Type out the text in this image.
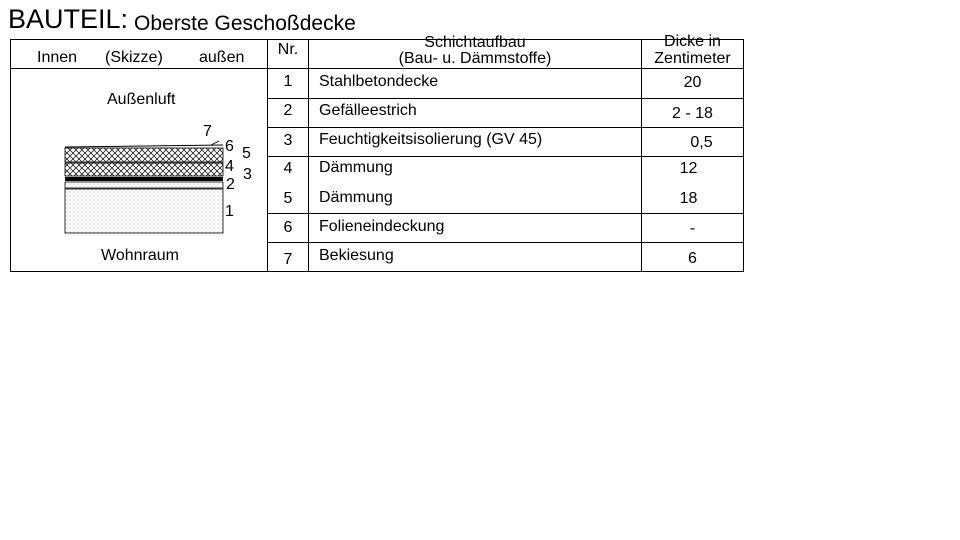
BAUTEIL: Oberste Geschoßdecke
Innen (Skizze) außen	Nr.	Schichtaufbau
(Bau- u. Dämmstoffe)
Dicke in
Zentimeter
Außenluft
Wohnraum
7
6 5
4 3
2
1
1
2
3
4
5
6
7
Stahlbetondecke
Gefälleestrich
Feuchtigkeitsisolierung (GV 45)
Dämmung
Dämmung
Folieneindeckung
Bekiesung
20
2 - 18
0,5
12
18
-
6
